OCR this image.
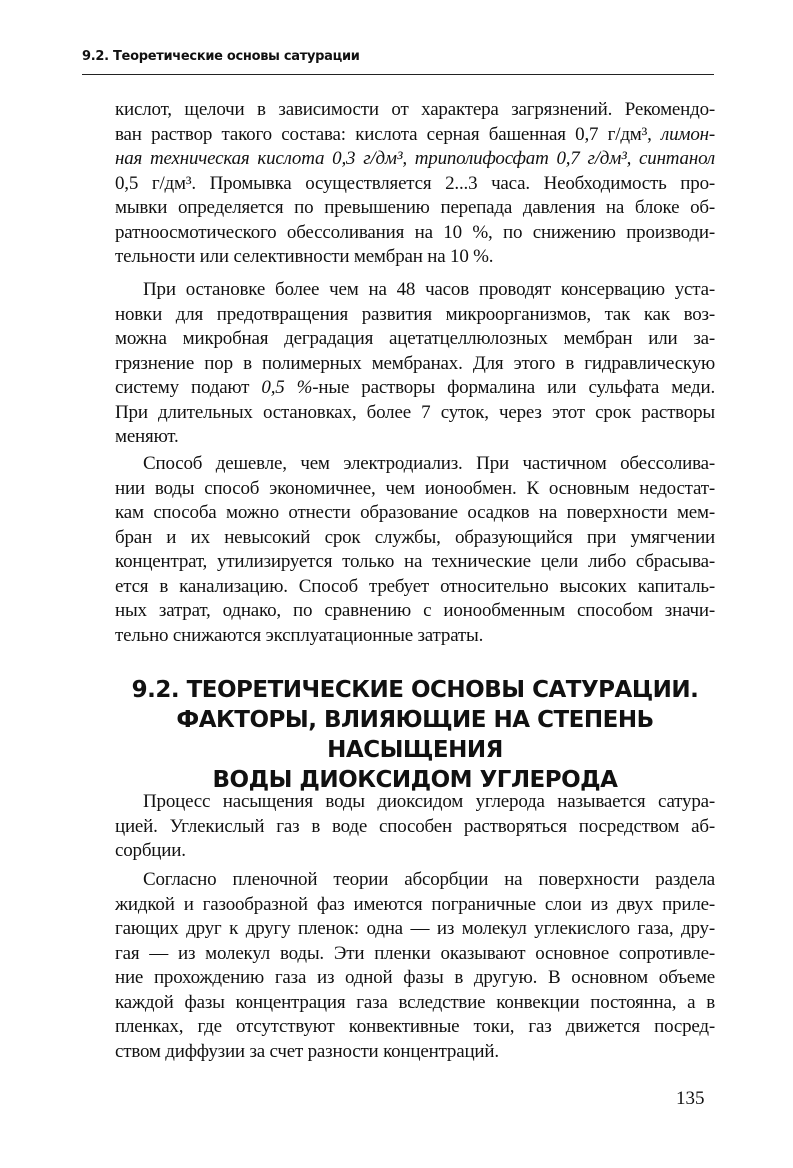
9.2. Теоретические основы сатурации
кислот, щелочи в зависимости от характера загрязнений. Рекомендо-
ван раствор такого состава: кислота серная башенная 0,7 г/дм³, лимон-
ная техническая кислота 0,3 г/дм³, триполифосфат 0,7 г/дм³, синтанол
0,5 г/дм³. Промывка осуществляется 2...3 часа. Необходимость про-
мывки определяется по превышению перепада давления на блоке об-
ратноосмотического обессоливания на 10 %, по снижению производи-
тельности или селективности мембран на 10 %.
При остановке более чем на 48 часов проводят консервацию уста-
новки для предотвращения развития микроорганизмов, так как воз-
можна микробная деградация ацетатцеллюлозных мембран или за-
грязнение пор в полимерных мембранах. Для этого в гидравлическую
систему подают 0,5 %-ные растворы формалина или сульфата меди.
При длительных остановках, более 7 суток, через этот срок растворы
меняют.
Способ дешевле, чем электродиализ. При частичном обессолива-
нии воды способ экономичнее, чем ионообмен. К основным недостат-
кам способа можно отнести образование осадков на поверхности мем-
бран и их невысокий срок службы, образующийся при умягчении
концентрат, утилизируется только на технические цели либо сбрасыва-
ется в канализацию. Способ требует относительно высоких капиталь-
ных затрат, однако, по сравнению с ионообменным способом значи-
тельно снижаются эксплуатационные затраты.
9.2. ТЕОРЕТИЧЕСКИЕ ОСНОВЫ САТУРАЦИИ.
ФАКТОРЫ, ВЛИЯЮЩИЕ НА СТЕПЕНЬ НАСЫЩЕНИЯ
ВОДЫ ДИОКСИДОМ УГЛЕРОДА
Процесс насыщения воды диоксидом углерода называется сатура-
цией. Углекислый газ в воде способен растворяться посредством аб-
сорбции.
Согласно пленочной теории абсорбции на поверхности раздела
жидкой и газообразной фаз имеются пограничные слои из двух приле-
гающих друг к другу пленок: одна — из молекул углекислого газа, дру-
гая — из молекул воды. Эти пленки оказывают основное сопротивле-
ние прохождению газа из одной фазы в другую. В основном объеме
каждой фазы концентрация газа вследствие конвекции постоянна, а в
пленках, где отсутствуют конвективные токи, газ движется посред-
ством диффузии за счет разности концентраций.
135
